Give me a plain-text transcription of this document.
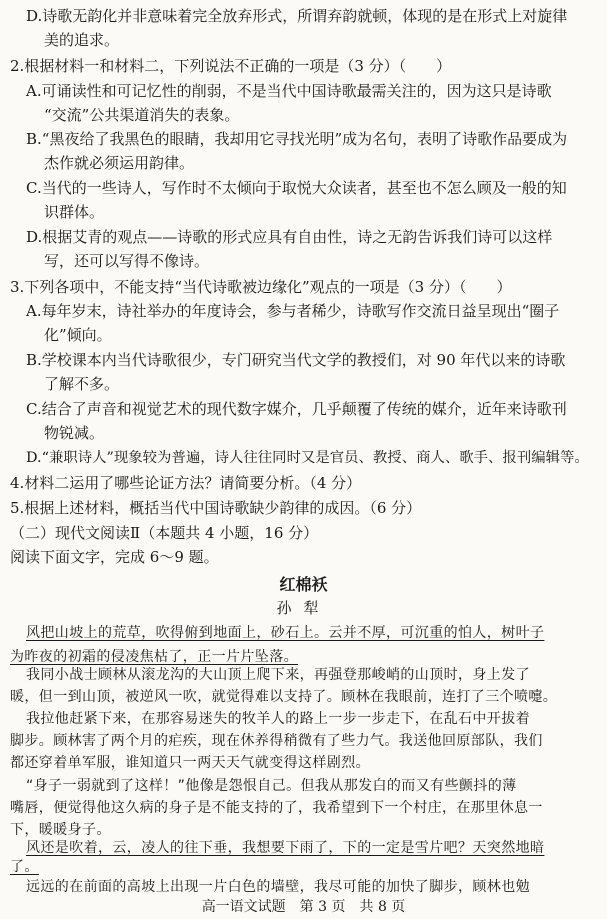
D.诗歌无韵化并非意味着完全放弃形式，所谓弃韵就顿，体现的是在形式上对旋律
美的追求。
2.根据材料一和材料二，下列说法不正确的一项是（3 分）（　　）
A.可诵读性和可记忆性的削弱，不是当代中国诗歌最需关注的，因为这只是诗歌
“交流”公共渠道消失的表象。
B.“黑夜给了我黑色的眼睛，我却用它寻找光明”成为名句，表明了诗歌作品要成为
杰作就必须运用韵律。
C.当代的一些诗人，写作时不太倾向于取悦大众读者，甚至也不怎么顾及一般的知
识群体。
D.根据艾青的观点——诗歌的形式应具有自由性，诗之无韵告诉我们诗可以这样
写，还可以写得不像诗。
3.下列各项中，不能支持“当代诗歌被边缘化”观点的一项是（3 分）（　　）
A.每年岁末，诗社举办的年度诗会，参与者稀少，诗歌写作交流日益呈现出“圈子
化”倾向。
B.学校课本内当代诗歌很少，专门研究当代文学的教授们，对 90 年代以来的诗歌
了解不多。
C.结合了声音和视觉艺术的现代数字媒介，几乎颠覆了传统的媒介，近年来诗歌刊
物锐减。
D.“兼职诗人”现象较为普遍，诗人往往同时又是官员、教授、商人、歌手、报刊编辑等。
4.材料二运用了哪些论证方法？请简要分析。（4 分）
5.根据上述材料，概括当代中国诗歌缺少韵律的成因。（6 分）
（二）现代文阅读Ⅱ（本题共 4 小题，16 分）
阅读下面文字，完成 6～9 题。
红棉袄
孙犁
风把山坡上的荒草，吹得俯到地面上，砂石上。云并不厚，可沉重的怕人，树叶子
为昨夜的初霜的侵凌焦枯了，正一片片坠落。
我同小战士顾林从滚龙沟的大山顶上爬下来，再强登那峻峭的山顶时，身上发了
暖，但一到山顶，被逆风一吹，就觉得难以支持了。顾林在我眼前，连打了三个喷嚏。
我拉他赶紧下来，在那容易迷失的牧羊人的路上一步一步走下，在乱石中开拔着
脚步。顾林害了两个月的疟疾，现在休养得稍微有了些力气。我送他回原部队，我们
都还穿着单军服，谁知道只一两天天气就变得这样剧烈。
“身子一弱就到了这样！”他像是怨恨自己。但我从那发白的而又有些颤抖的薄
嘴唇，便觉得他这久病的身子是不能支持的了，我希望到下一个村庄，在那里休息一
下，暖暖身子。
风还是吹着，云，凌人的往下垂，我想要下雨了，下的一定是雪片吧？天突然地暗
了。
远远的在前面的高坡上出现一片白色的墙壁，我尽可能的加快了脚步，顾林也勉
高一语文试题　第 3 页　共 8 页
